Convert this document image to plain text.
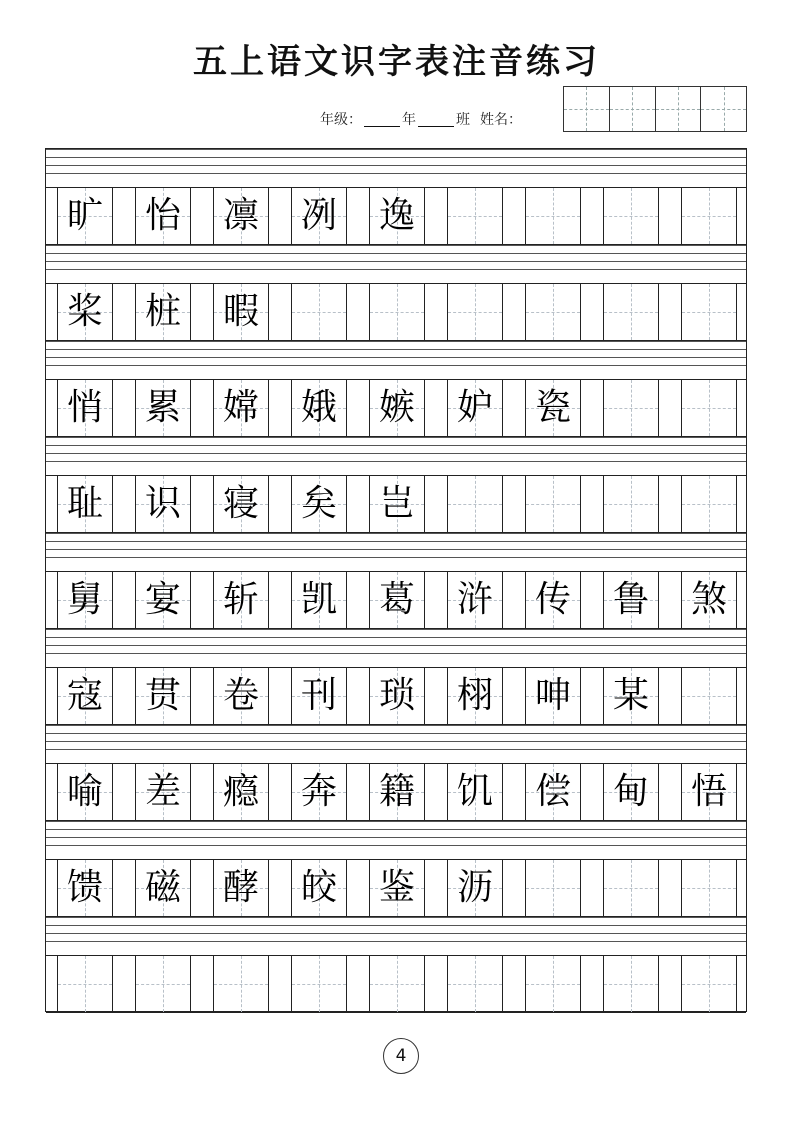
五上语文识字表注音练习
年级：	年	班 姓名：
旷 怡 凛 冽 逸
桨 桩 暇
悄 累 嫦 娥 嫉 妒 瓷
耻 识 寝 矣 岂
舅 宴 斩 凯 葛 浒 传 鲁 煞
寇 贯 卷 刊 琐 栩 呻 某
喻 差 瘾 奔 籍 饥 偿 甸 悟
馈 磁 酵 皎 鉴 沥
4
